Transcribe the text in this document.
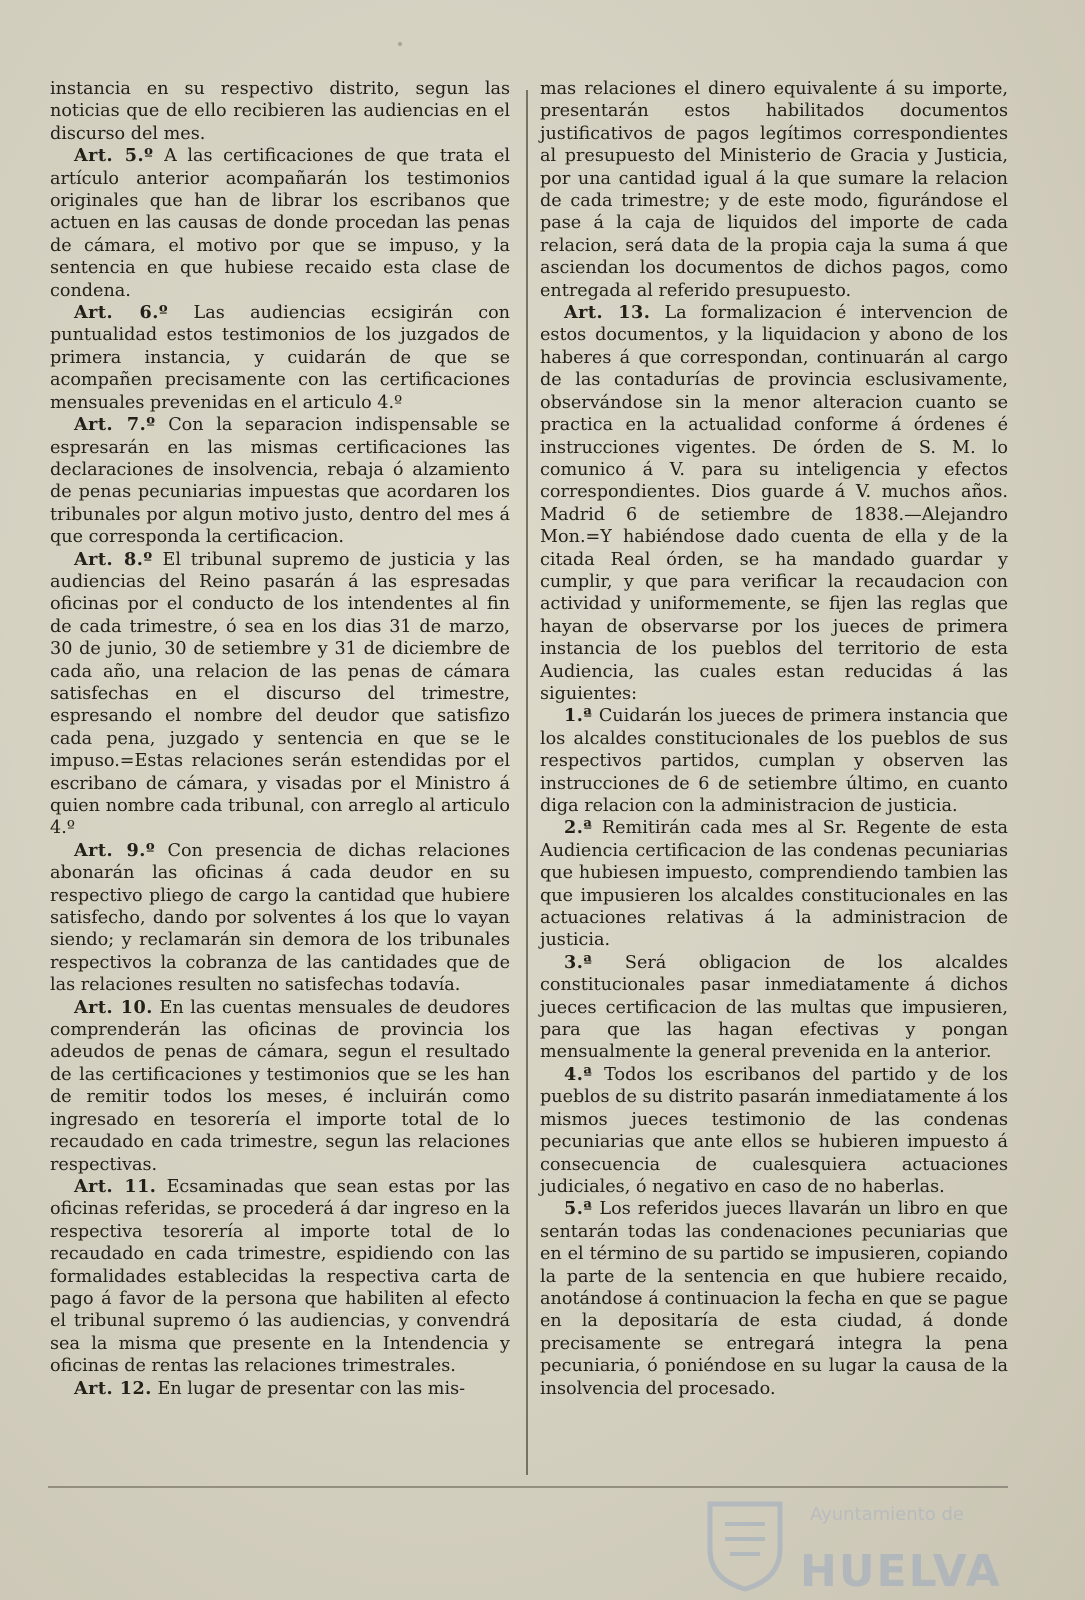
instancia en su respectivo distrito, segun las noticias que de ello recibieren las audiencias en el discurso del mes.

Art. 5.º A las certificaciones de que trata el artículo anterior acompañarán los testimonios originales que han de librar los escribanos que actuen en las causas de donde procedan las penas de cámara, el motivo por que se impuso, y la sentencia en que hubiese recaido esta clase de condena.

Art. 6.º Las audiencias ecsigirán con puntualidad estos testimonios de los juzgados de primera instancia, y cuidarán de que se acompañen precisamente con las certificaciones mensuales prevenidas en el articulo 4.º

Art. 7.º Con la separacion indispensable se espresarán en las mismas certificaciones las declaraciones de insolvencia, rebaja ó alzamiento de penas pecuniarias impuestas que acordaren los tribunales por algun motivo justo, dentro del mes á que corresponda la certificacion.

Art. 8.º El tribunal supremo de justicia y las audiencias del Reino pasarán á las espresadas oficinas por el conducto de los intendentes al fin de cada trimestre, ó sea en los dias 31 de marzo, 30 de junio, 30 de setiembre y 31 de diciembre de cada año, una relacion de las penas de cámara satisfechas en el discurso del trimestre, espresando el nombre del deudor que satisfizo cada pena, juzgado y sentencia en que se le impuso.=Estas relaciones serán estendidas por el escribano de cámara, y visadas por el Ministro á quien nombre cada tribunal, con arreglo al articulo 4.º

Art. 9.º Con presencia de dichas relaciones abonarán las oficinas á cada deudor en su respectivo pliego de cargo la cantidad que hubiere satisfecho, dando por solventes á los que lo vayan siendo; y reclamarán sin demora de los tribunales respectivos la cobranza de las cantidades que de las relaciones resulten no satisfechas todavía.

Art. 10. En las cuentas mensuales de deudores comprenderán las oficinas de provincia los adeudos de penas de cámara, segun el resultado de las certificaciones y testimonios que se les han de remitir todos los meses, é incluirán como ingresado en tesorería el importe total de lo recaudado en cada trimestre, segun las relaciones respectivas.

Art. 11. Ecsaminadas que sean estas por las oficinas referidas, se procederá á dar ingreso en la respectiva tesorería al importe total de lo recaudado en cada trimestre, espidiendo con las formalidades establecidas la respectiva carta de pago á favor de la persona que habiliten al efecto el tribunal supremo ó las audiencias, y convendrá sea la misma que presente en la Intendencia y oficinas de rentas las relaciones trimestrales.

Art. 12. En lugar de presentar con las mis-

mas relaciones el dinero equivalente á su importe, presentarán estos habilitados documentos justificativos de pagos legítimos correspondientes al presupuesto del Ministerio de Gracia y Justicia, por una cantidad igual á la que sumare la relacion de cada trimestre; y de este modo, figurándose el pase á la caja de liquidos del importe de cada relacion, será data de la propia caja la suma á que asciendan los documentos de dichos pagos, como entregada al referido presupuesto.

Art. 13. La formalizacion é intervencion de estos documentos, y la liquidacion y abono de los haberes á que correspondan, continuarán al cargo de las contadurías de provincia esclusivamente, observándose sin la menor alteracion cuanto se practica en la actualidad conforme á órdenes é instrucciones vigentes. De órden de S. M. lo comunico á V. para su inteligencia y efectos correspondientes. Dios guarde á V. muchos años. Madrid 6 de setiembre de 1838.—Alejandro Mon.=Y habiéndose dado cuenta de ella y de la citada Real órden, se ha mandado guardar y cumplir, y que para verificar la recaudacion con actividad y uniformemente, se fijen las reglas que hayan de observarse por los jueces de primera instancia de los pueblos del territorio de esta Audiencia, las cuales estan reducidas á las siguientes:

1.ª Cuidarán los jueces de primera instancia que los alcaldes constitucionales de los pueblos de sus respectivos partidos, cumplan y observen las instrucciones de 6 de setiembre último, en cuanto diga relacion con la administracion de justicia.

2.ª Remitirán cada mes al Sr. Regente de esta Audiencia certificacion de las condenas pecuniarias que hubiesen impuesto, comprendiendo tambien las que impusieren los alcaldes constitucionales en las actuaciones relativas á la administracion de justicia.

3.ª Será obligacion de los alcaldes constitucionales pasar inmediatamente á dichos jueces certificacion de las multas que impusieren, para que las hagan efectivas y pongan mensualmente la general prevenida en la anterior.

4.ª Todos los escribanos del partido y de los pueblos de su distrito pasarán inmediatamente á los mismos jueces testimonio de las condenas pecuniarias que ante ellos se hubieren impuesto á consecuencia de cualesquiera actuaciones judiciales, ó negativo en caso de no haberlas.

5.ª Los referidos jueces llavarán un libro en que sentarán todas las condenaciones pecuniarias que en el término de su partido se impusieren, copiando la parte de la sentencia en que hubiere recaido, anotándose á continuacion la fecha en que se pague en la depositaría de esta ciudad, á donde precisamente se entregará integra la pena pecuniaria, ó poniéndose en su lugar la causa de la insolvencia del procesado.

Ayuntamiento de
HUELVA
